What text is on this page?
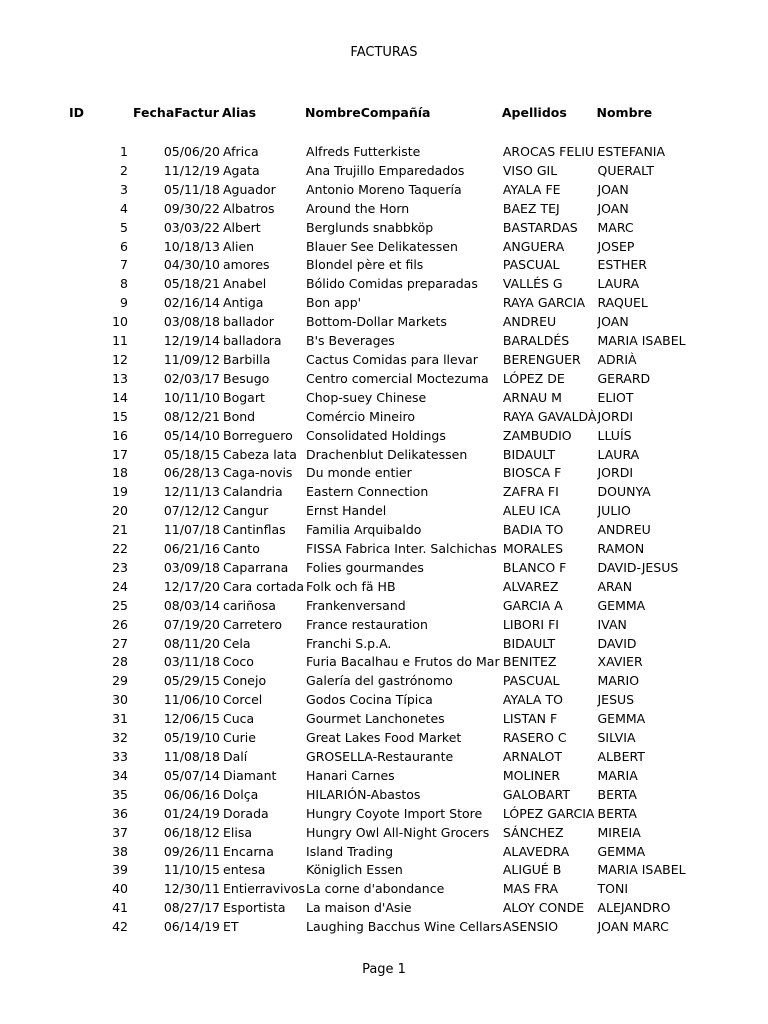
FACTURAS
ID	FechaFactur	Alias	NombreCompañía	Apellidos	Nombre

1	05/06/20	Africa	Alfreds Futterkiste	AROCAS FELIU	ESTEFANIA
2	11/12/19	Agata	Ana Trujillo Emparedados	VISO GIL	QUERALT
3	05/11/18	Aguador	Antonio Moreno Taquería	AYALA FE	JOAN
4	09/30/22	Albatros	Around the Horn	BAEZ TEJ	JOAN
5	03/03/22	Albert	Berglunds snabbköp	BASTARDAS	MARC
6	10/18/13	Alien	Blauer See Delikatessen	ANGUERA	JOSEP
7	04/30/10	amores	Blondel père et fils	PASCUAL	ESTHER
8	05/18/21	Anabel	Bólido Comidas preparadas	VALLÉS G	LAURA
9	02/16/14	Antiga	Bon app'	RAYA GARCIA	RAQUEL
10	03/08/18	ballador	Bottom-Dollar Markets	ANDREU	JOAN
11	12/19/14	balladora	B's Beverages	BARALDÉS	MARIA ISABEL
12	11/09/12	Barbilla	Cactus Comidas para llevar	BERENGUER	ADRIÀ
13	02/03/17	Besugo	Centro comercial Moctezuma	LÓPEZ DE	GERARD
14	10/11/10	Bogart	Chop-suey Chinese	ARNAU M	ELIOT
15	08/12/21	Bond	Comércio Mineiro	RAYA GAVALDÀ	JORDI
16	05/14/10	Borreguero	Consolidated Holdings	ZAMBUDIO	LLUÍS
17	05/18/15	Cabeza lata	Drachenblut Delikatessen	BIDAULT	LAURA
18	06/28/13	Caga-novis	Du monde entier	BIOSCA F	JORDI
19	12/11/13	Calandria	Eastern Connection	ZAFRA FI	DOUNYA
20	07/12/12	Cangur	Ernst Handel	ALEU ICA	JULIO
21	11/07/18	Cantinflas	Familia Arquibaldo	BADIA TO	ANDREU
22	06/21/16	Canto	FISSA Fabrica Inter. Salchichas	MORALES	RAMON
23	03/09/18	Caparrana	Folies gourmandes	BLANCO F	DAVID-JESUS
24	12/17/20	Cara cortada	Folk och fä HB	ALVAREZ	ARAN
25	08/03/14	cariñosa	Frankenversand	GARCIA A	GEMMA
26	07/19/20	Carretero	France restauration	LIBORI FI	IVAN
27	08/11/20	Cela	Franchi S.p.A.	BIDAULT	DAVID
28	03/11/18	Coco	Furia Bacalhau e Frutos do Mar	BENITEZ	XAVIER
29	05/29/15	Conejo	Galería del gastrónomo	PASCUAL	MARIO
30	11/06/10	Corcel	Godos Cocina Típica	AYALA TO	JESUS
31	12/06/15	Cuca	Gourmet Lanchonetes	LISTAN F	GEMMA
32	05/19/10	Curie	Great Lakes Food Market	RASERO C	SILVIA
33	11/08/18	Dalí	GROSELLA-Restaurante	ARNALOT	ALBERT
34	05/07/14	Diamant	Hanari Carnes	MOLINER	MARIA
35	06/06/16	Dolça	HILARIÓN-Abastos	GALOBART	BERTA
36	01/24/19	Dorada	Hungry Coyote Import Store	LÓPEZ GARCIA	BERTA
37	06/18/12	Elisa	Hungry Owl All-Night Grocers	SÁNCHEZ	MIREIA
38	09/26/11	Encarna	Island Trading	ALAVEDRA	GEMMA
39	11/10/15	entesa	Königlich Essen	ALIGUÉ B	MARIA ISABEL
40	12/30/11	Entierravivos	La corne d'abondance	MAS FRA	TONI
41	08/27/17	Esportista	La maison d'Asie	ALOY CONDE	ALEJANDRO
42	06/14/19	ET	Laughing Bacchus Wine Cellars	ASENSIO	JOAN MARC
Page 1
